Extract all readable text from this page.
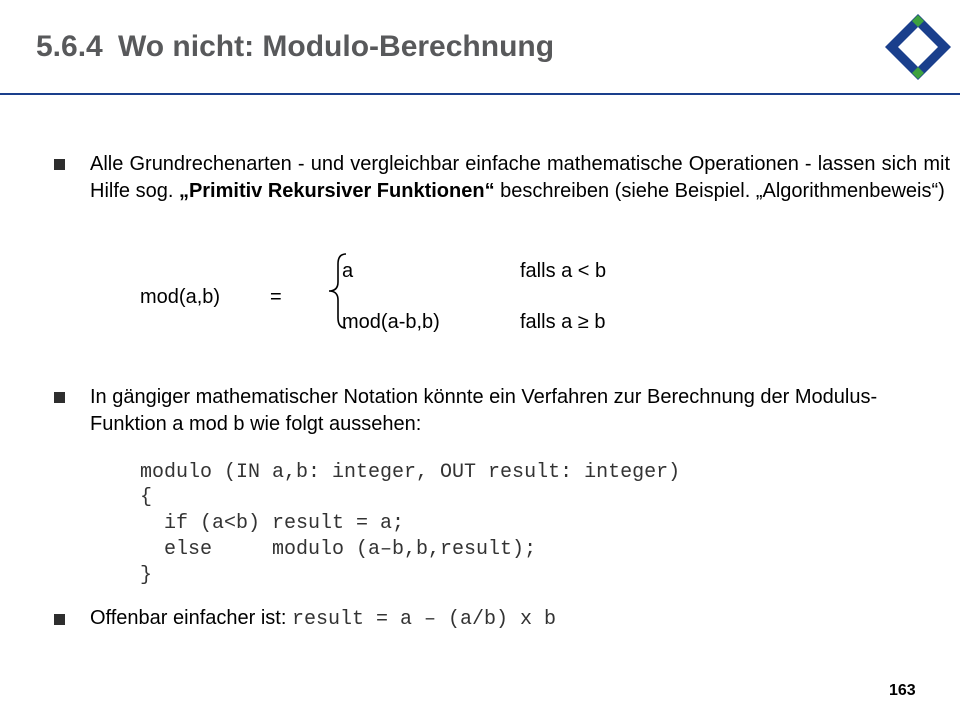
5.6.4 Wo nicht: Modulo-Berechnung
Alle Grundrechenarten - und vergleichbar einfache mathematische Operationen - lassen sich mit Hilfe sog. „Primitiv Rekursiver Funktionen“ beschreiben (siehe Beispiel. „Algorithmenbeweis“)
mod(a,b) =
a	falls a < b
mod(a-b,b)	falls a ≥ b
In gängiger mathematischer Notation könnte ein Verfahren zur Berechnung der Modulus-Funktion a mod b wie folgt aussehen:
modulo (IN a,b: integer, OUT result: integer)
{
if (a<b) result = a;
else     modulo (a–b,b,result);
}
Offenbar einfacher ist: result = a – (a/b) x b
163
